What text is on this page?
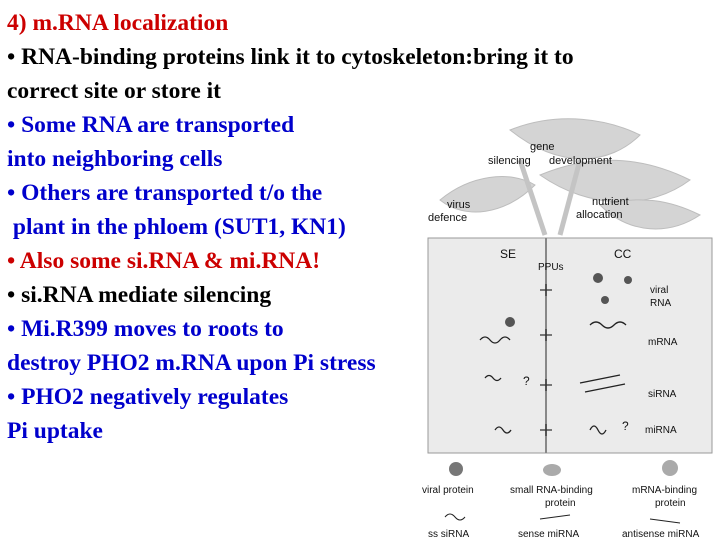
4) m.RNA localization
• RNA-binding proteins link it to cytoskeleton:bring it to
correct site or store it
• Some RNA are transported
into neighboring cells
• Others are transported t/o the
plant in the phloem (SUT1, KN1)
• Also some si.RNA & mi.RNA!
• si.RNA mediate silencing
• Mi.R399 moves to roots to
destroy PHO2 m.RNA upon Pi stress
• PHO2 negatively regulates
Pi uptake
gene
silencing development
virus
defence
nutrient
allocation
SE	CC
PPUs
viral
RNA
mRNA
siRNA
miRNA
?
?
viral protein	small RNA-binding
protein
mRNA-binding
protein
ss siRNA	sense miRNA	antisense miRNA
